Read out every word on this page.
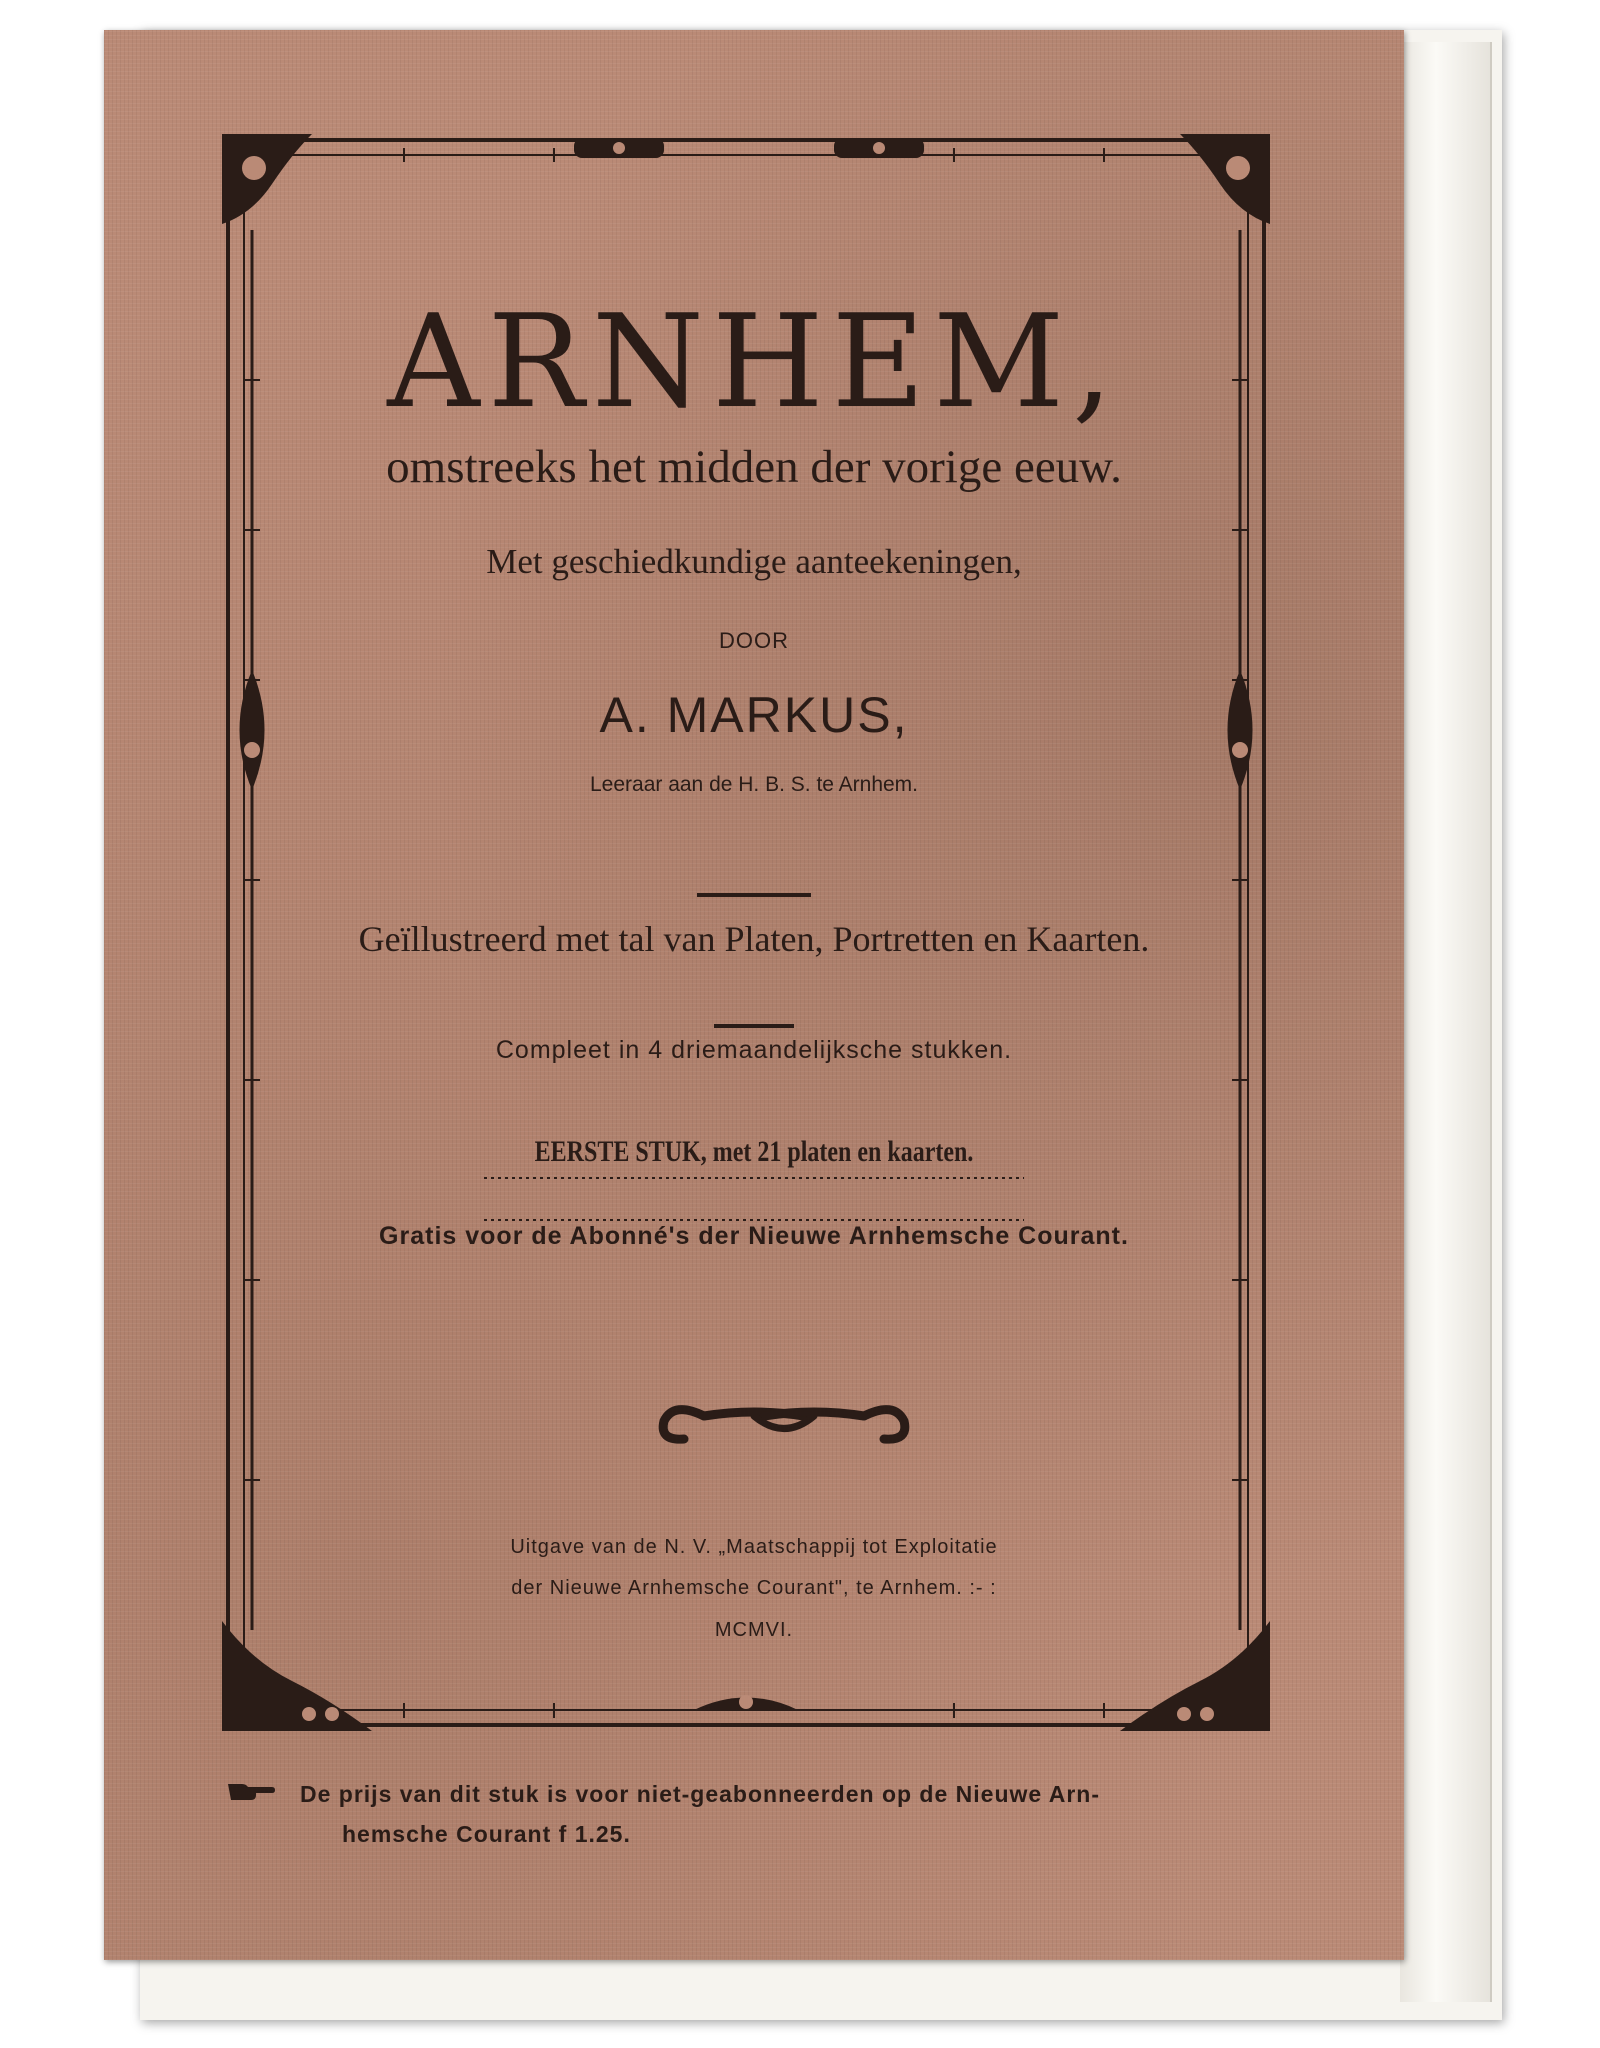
ARNHEM,
omstreeks het midden der vorige eeuw.
Met geschiedkundige aanteekeningen,
DOOR
A. MARKUS,
Leeraar aan de H. B. S. te Arnhem.
Geïllustreerd met tal van Platen, Portretten en Kaarten.
Compleet in 4 driemaandelijksche stukken.
EERSTE STUK, met 21 platen en kaarten.
Gratis voor de Abonné's der Nieuwe Arnhemsche Courant.
Uitgave van de N. V. „Maatschappij tot Exploitatie
der Nieuwe Arnhemsche Courant", te Arnhem. :- :
MCMVI.
De prijs van dit stuk is voor niet-geabonneerden op de Nieuwe Arn-
hemsche Courant f 1.25.
